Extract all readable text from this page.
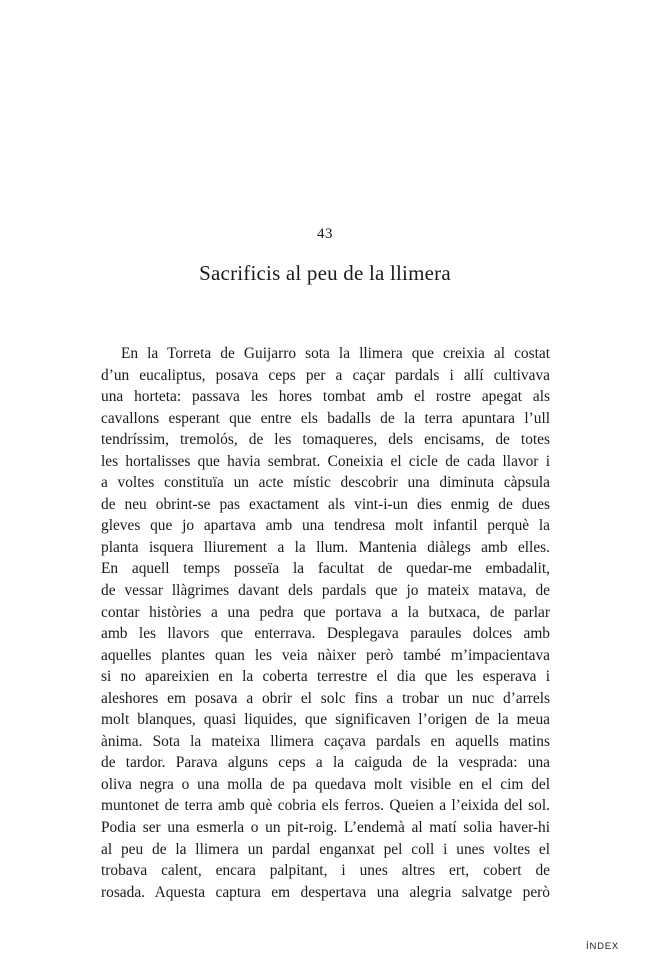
43
Sacrificis al peu de la llimera
En la Torreta de Guijarro sota la llimera que creixia al costat
d’un eucaliptus, posava ceps per a caçar pardals i allí cultivava
una horteta: passava les hores tombat amb el rostre apegat als
cavallons esperant que entre els badalls de la terra apuntara l’ull
tendríssim, tremolós, de les tomaqueres, dels encisams, de totes
les hortalisses que havia sembrat. Coneixia el cicle de cada llavor i
a voltes constituïa un acte místic descobrir una diminuta càpsula
de neu obrint-se pas exactament als vint-i-un dies enmig de dues
gleves que jo apartava amb una tendresa molt infantil perquè la
planta isquera lliurement a la llum. Mantenia diàlegs amb elles.
En aquell temps posseïa la facultat de quedar-me embadalit,
de vessar llàgrimes davant dels pardals que jo mateix matava, de
contar històries a una pedra que portava a la butxaca, de parlar
amb les llavors que enterrava. Desplegava paraules dolces amb
aquelles plantes quan les veia nàixer però també m’impacientava
si no apareixien en la coberta terrestre el dia que les esperava i
aleshores em posava a obrir el solc fins a trobar un nuc d’arrels
molt blanques, quasi liquides, que significaven l’origen de la meua
ànima. Sota la mateixa llimera caçava pardals en aquells matins
de tardor. Parava alguns ceps a la caiguda de la vesprada: una
oliva negra o una molla de pa quedava molt visible en el cim del
muntonet de terra amb què cobria els ferros. Queien a l’eixida del sol.
Podia ser una esmerla o un pit-roig. L’endemà al matí solia haver-hi
al peu de la llimera un pardal enganxat pel coll i unes voltes el
trobava calent, encara palpitant, i unes altres ert, cobert de
rosada. Aquesta captura em despertava una alegria salvatge però
ÍNDEX
